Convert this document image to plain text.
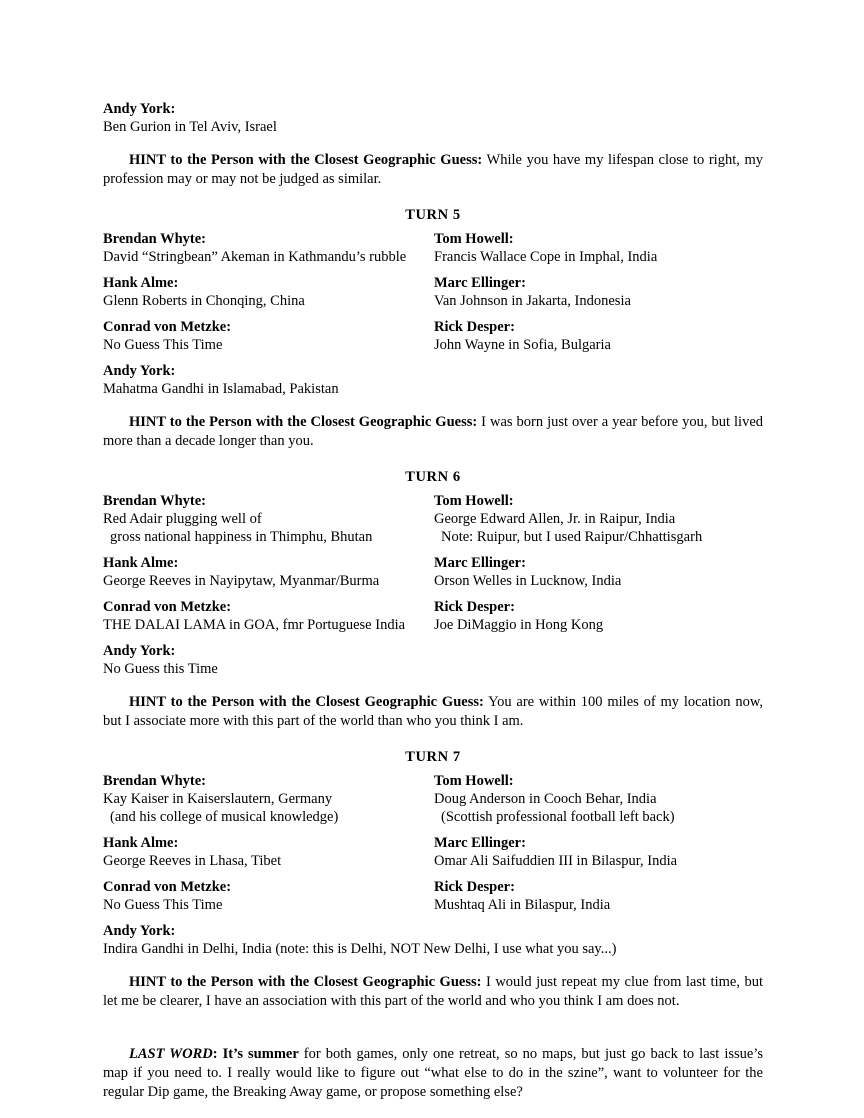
Andy York:
Ben Gurion in Tel Aviv, Israel

HINT to the Person with the Closest Geographic Guess: While you have my lifespan close to right, my profession may or may not be judged as similar.

TURN 5
Brendan Whyte:
David “Stringbean” Akeman in Kathmandu’s rubble
Tom Howell:
Francis Wallace Cope in Imphal, India
Hank Alme:
Glenn Roberts in Chonqing, China
Marc Ellinger:
Van Johnson in Jakarta, Indonesia
Conrad von Metzke:
No Guess This Time
Rick Desper:
John Wayne in Sofia, Bulgaria
Andy York:
Mahatma Gandhi in Islamabad, Pakistan

HINT to the Person with the Closest Geographic Guess: I was born just over a year before you, but lived more than a decade longer than you.

TURN 6
Brendan Whyte:
Red Adair plugging well of
gross national happiness in Thimphu, Bhutan
Tom Howell:
George Edward Allen, Jr. in Raipur, India
Note: Ruipur, but I used Raipur/Chhattisgarh
Hank Alme:
George Reeves in Nayipytaw, Myanmar/Burma
Marc Ellinger:
Orson Welles in Lucknow, India
Conrad von Metzke:
THE DALAI LAMA in GOA, fmr Portuguese India
Rick Desper:
Joe DiMaggio in Hong Kong
Andy York:
No Guess this Time

HINT to the Person with the Closest Geographic Guess: You are within 100 miles of my location now, but I associate more with this part of the world than who you think I am.

TURN 7
Brendan Whyte:
Kay Kaiser in Kaiserslautern, Germany
(and his college of musical knowledge)
Tom Howell:
Doug Anderson in Cooch Behar, India
(Scottish professional football left back)
Hank Alme:
George Reeves in Lhasa, Tibet
Marc Ellinger:
Omar Ali Saifuddien III in Bilaspur, India
Conrad von Metzke:
No Guess This Time
Rick Desper:
Mushtaq Ali in Bilaspur, India
Andy York:
Indira Gandhi in Delhi, India (note: this is Delhi, NOT New Delhi, I use what you say...)

HINT to the Person with the Closest Geographic Guess: I would just repeat my clue from last time, but let me be clearer, I have an association with this part of the world and who you think I am does not.

LAST WORD: It’s summer for both games, only one retreat, so no maps, but just go back to last issue’s map if you need to. I really would like to figure out “what else to do in the szine”, want to volunteer for the regular Dip game, the Breaking Away game, or propose something else?
